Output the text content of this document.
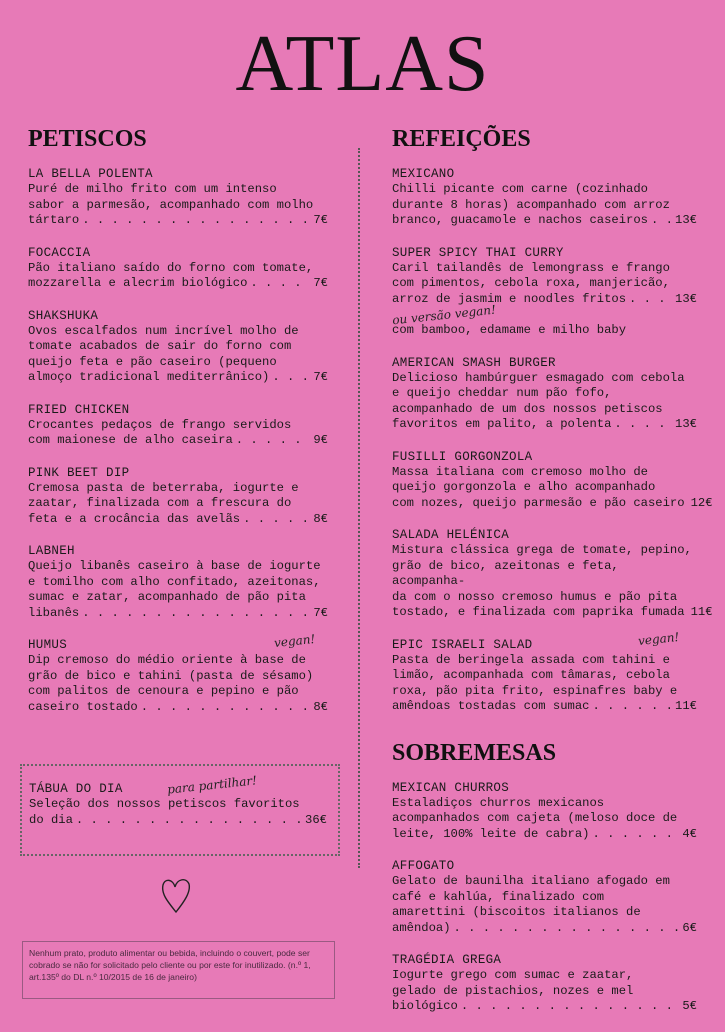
ATLAS
PETISCOS
LA BELLA POLENTA
Puré de milho frito com um intenso
sabor a parmesão, acompanhado com molho
tártaro . . .	7€
FOCACCIA
Pão italiano saído do forno com tomate,
mozzarella e alecrim biológico . . .	7€
SHAKSHUKA
Ovos escalfados num incrível molho de
tomate acabados de sair do forno com
queijo feta e pão caseiro (pequeno
almoço tradicional mediterrânico) . . .	7€
FRIED CHICKEN
Crocantes pedaços de frango servidos
com maionese de alho caseira . . .	9€
PINK BEET DIP
Cremosa pasta de beterraba, iogurte e
zaatar, finalizada com a frescura do
feta e a crocância das avelãs . . .	8€
LABNEH
Queijo libanês caseiro à base de iogurte
e tomilho com alho confitado, azeitonas,
sumac e zatar, acompanhado de pão pita
libanês . . .	7€
HUMUS	vegan!
Dip cremoso do médio oriente à base de
grão de bico e tahini (pasta de sésamo)
com palitos de cenoura e pepino e pão
caseiro tostado . . .	8€
TÁBUA DO DIA	para partilhar!
Seleção dos nossos petiscos favoritos
do dia . . .	36€
Nenhum prato, produto alimentar ou bebida, incluindo o couvert, pode ser cobrado se não for solicitado pelo cliente ou por este for inutilizado. (n.º 1, art.135º do DL n.º 10/2015 de 16 de janeiro)
REFEIÇÕES
MEXICANO
Chilli picante com carne (cozinhado
durante 8 horas) acompanhado com arroz
branco, guacamole e nachos caseiros . . . 13€
SUPER SPICY THAI CURRY
Caril tailandês de lemongrass e frango
com pimentos, cebola roxa, manjericão,
arroz de jasmim e noodles fritos . . .	13€
ou versão vegan!
com bamboo, edamame e milho baby
AMERICAN SMASH BURGER
Delicioso hambúrguer esmagado com cebola
e queijo cheddar num pão fofo,
acompanhado de um dos nossos petiscos
favoritos em palito, a polenta . . .	13€
FUSILLI GORGONZOLA
Massa italiana com cremoso molho de
queijo gorgonzola e alho acompanhado
com nozes, queijo parmesão e pão caseiro 12€
SALADA HELÉNICA
Mistura clássica grega de tomate, pepino,
grão de bico, azeitonas e feta, acompanha-
da com o nosso cremoso humus e pão pita
tostado, e finalizada com paprika fumada 11€
EPIC ISRAELI SALAD	vegan!
Pasta de beringela assada com tahini e
limão, acompanhada com tâmaras, cebola
roxa, pão pita frito, espinafres baby e
amêndoas tostadas com sumac . . .	11€
SOBREMESAS
MEXICAN CHURROS
Estaladiços churros mexicanos
acompanhados com cajeta (meloso doce de
leite, 100% leite de cabra) . . .	4€
AFFOGATO
Gelato de baunilha italiano afogado em
café e kahlúa, finalizado com
amarettini (biscoitos italianos de
amêndoa) . . .	6€
TRAGÉDIA GREGA
Iogurte grego com sumac e zaatar,
gelado de pistachios, nozes e mel
biológico . . .	5€
